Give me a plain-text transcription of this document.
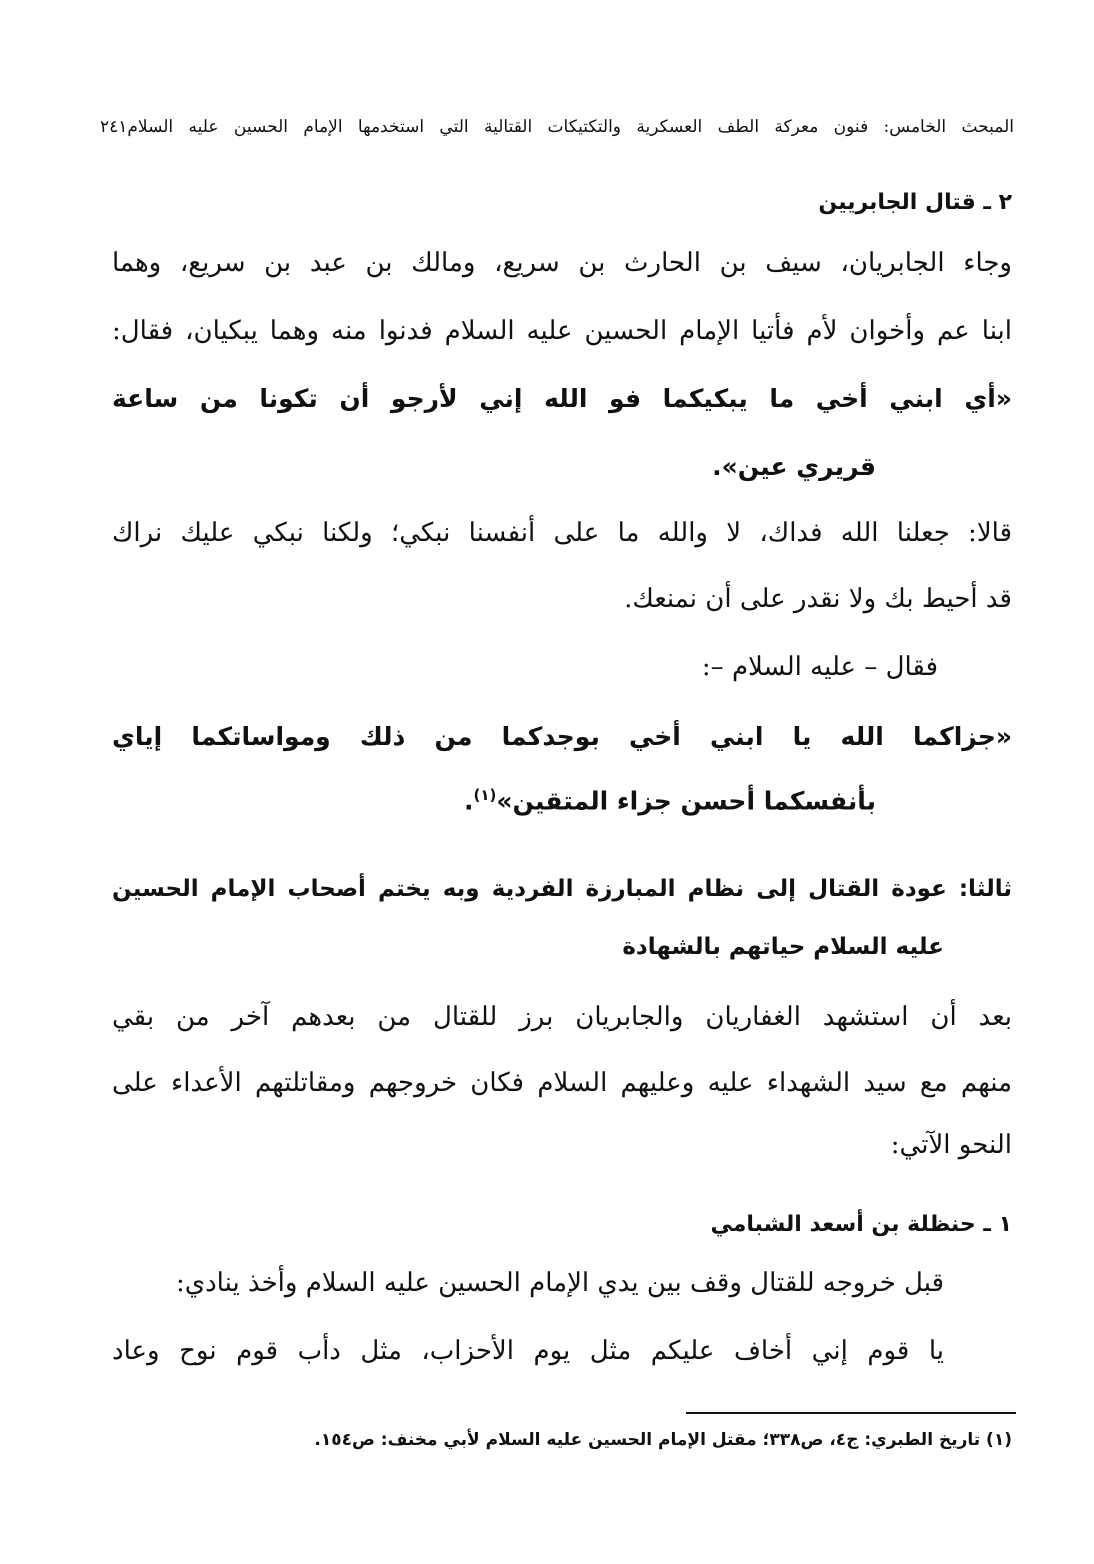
المبحث الخامس: فنون معركة الطف العسكرية والتكتيكات القتالية التي استخدمها الإمام الحسين عليه السلام٢٤١

٢ ـ قتال الجابريين

وجاء الجابريان، سيف بن الحارث بن سريع، ومالك بن عبد بن سريع، وهما

ابنا عم وأخوان لأم فأتيا الإمام الحسين عليه السلام فدنوا منه وهما يبكيان، فقال:

«أي ابني أخي ما يبكيكما فو الله إني لأرجو أن تكونا من ساعة

قريري عين».

قالا: جعلنا الله فداك، لا والله ما على أنفسنا نبكي؛ ولكنا نبكي عليك نراك

قد أحيط بك ولا نقدر على أن نمنعك.

فقال – عليه السلام –:

«جزاكما الله يا ابني أخي بوجدكما من ذلك ومواساتكما إياي

بأنفسكما أحسن جزاء المتقين»$^{(١)}$.

ثالثا: عودة القتال إلى نظام المبارزة الفردية وبه يختم أصحاب الإمام الحسين

عليه السلام حياتهم بالشهادة

بعد أن استشهد الغفاريان والجابريان برز للقتال من بعدهم آخر من بقي

منهم مع سيد الشهداء عليه وعليهم السلام فكان خروجهم ومقاتلتهم الأعداء على

النحو الآتي:

١ ـ حنظلة بن أسعد الشبامي

قبل خروجه للقتال وقف بين يدي الإمام الحسين عليه السلام وأخذ ينادي:

يا قوم إني أخاف عليكم مثل يوم الأحزاب، مثل دأب قوم نوح وعاد

(١) تاريخ الطبري: ج٤، ص٣٣٨؛ مقتل الإمام الحسين عليه السلام لأبي مخنف: ص١٥٤.
